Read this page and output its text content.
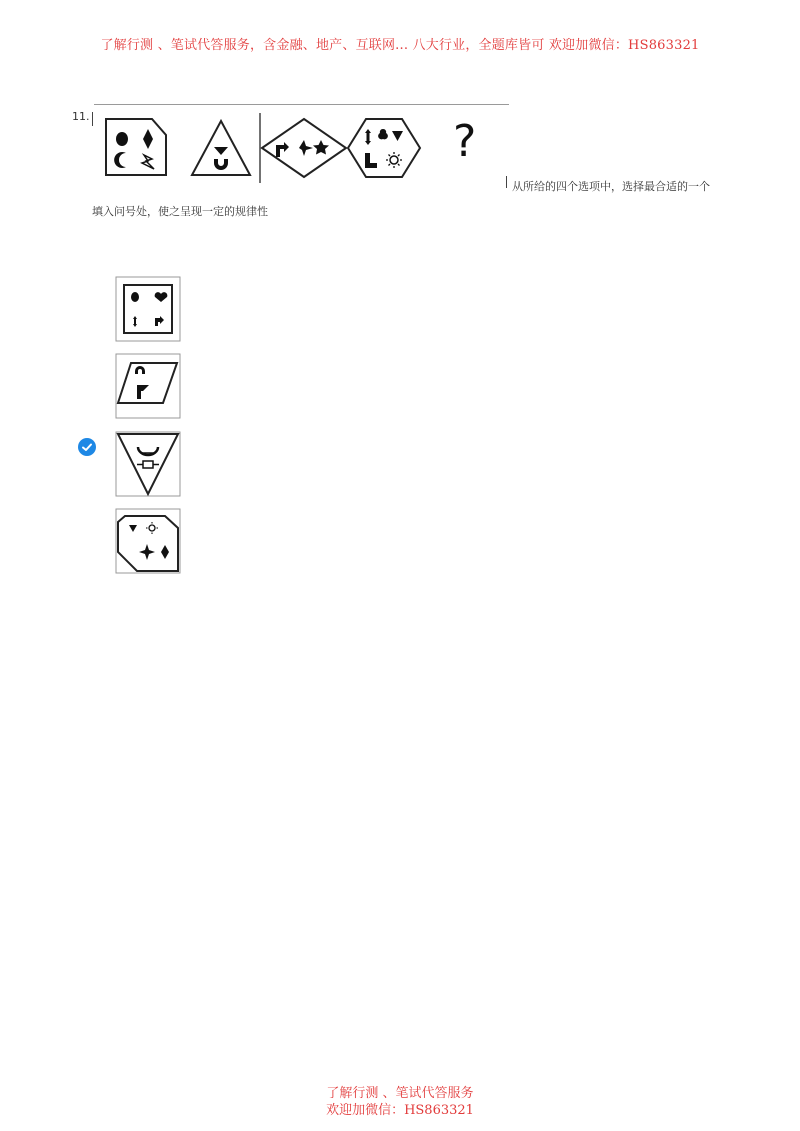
了解行测 、笔试代答服务，含金融、地产、互联网... 八大行业，全题库皆可 欢迎加微信：HS863321
11.	?
从所给的四个选项中，选择最合适的一个
填入问号处，使之呈现一定的规律性
了解行测 、笔试代答服务
欢迎加微信：HS863321
